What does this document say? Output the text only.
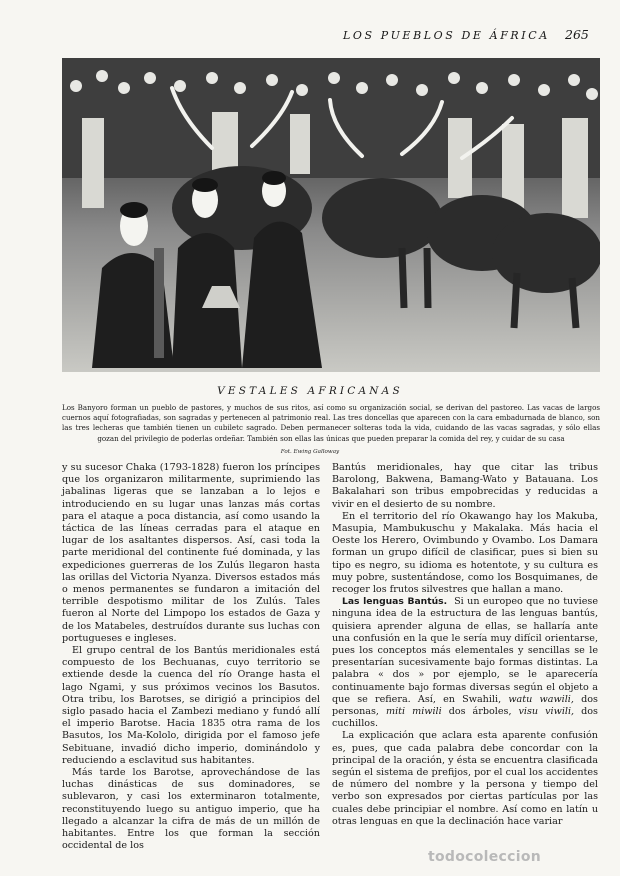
LOS PUEBLOS DE ÁFRICA 265
VESTALES AFRICANAS
Los Banyoro forman un pueblo de pastores, y muchos de sus ritos, así como su organización social, se derivan del pastoreo. Las vacas de largos cuernos aquí fotografiadas, son sagradas y pertenecen al patrimonio real. Las tres doncellas que aparecen con la cara embadurnada de blanco, son las tres lecheras que también tienen un cubiletc sagrado. Deben permanecer solteras toda la vida, cuidando de las vacas sagradas, y sólo ellas gozan del privilegio de poderlas ordeñar. También son ellas las únicas que pueden preparar la comida del rey, y cuidar de su casa
Fot. Ewing Galloway

y su sucesor Chaka (1793-1828) fueron los príncipes que los organizaron militarmente, suprimiendo las jabalinas ligeras que se lanzaban a lo lejos e introduciendo en su lugar unas lanzas más cortas para el ataque a poca distancia, así como usando la táctica de las líneas cerradas para el ataque en lugar de los asaltantes dispersos. Así, casi toda la parte meridional del continente fué dominada, y las expediciones guerreras de los Zulús llegaron hasta las orillas del Victoria Nyanza. Diversos estados más o menos permanentes se fundaron a imitación del terrible despotismo militar de los Zulús. Tales fueron al Norte del Limpopo los estados de Gaza y de los Matabeles, destruídos durante sus luchas con portugueses e ingleses.

El grupo central de los Bantús meridionales está compuesto de los Bechuanas, cuyo territorio se extiende desde la cuenca del río Orange hasta el lago Ngami, y sus próximos vecinos los Basutos. Otra tribu, los Barotses, se dirigió a principios del siglo pasado hacia el Zambezi mediano y fundó allí el imperio Barotse. Hacia 1835 otra rama de los Basutos, los Ma-Kololo, dirigida por el famoso jefe Sebituane, invadió dicho imperio, dominándolo y reduciendo a esclavitud sus habitantes.

Más tarde los Barotse, aprovechándose de las luchas dinásticas de sus dominadores, se sublevaron, y casi los exterminaron totalmente, reconstituyendo luego su antiguo imperio, que ha llegado a alcanzar la cifra de más de un millón de habitantes. Entre los que forman la sección occidental de los

Bantús meridionales, hay que citar las tribus Barolong, Bakwena, Bamang-Wato y Batauana. Los Bakalahari son tribus empobrecidas y reducidas a vivir en el desierto de su nombre.

En el territorio del río Okawango hay los Makuba, Masupia, Mambukuschu y Makalaka. Más hacia el Oeste los Herero, Ovimbundo y Ovambo. Los Damara forman un grupo difícil de clasificar, pues si bien su tipo es negro, su idioma es hotentote, y su cultura es muy pobre, sustentándose, como los Bosquimanes, de recoger los frutos silvestres que hallan a mano.

Las lenguas Bantús. Si un europeo que no tuviese ninguna idea de la estructura de las lenguas bantús, quisiera aprender alguna de ellas, se hallaría ante una confusión en la que le sería muy difícil orientarse, pues los conceptos más elementales y sencillas se le presentarían sucesivamente bajo formas distintas. La palabra « dos » por ejemplo, se le aparecería continuamente bajo formas diversas según el objeto a que se refiera. Así, en Swahili, watu wawili, dos personas, miti miwili dos árboles, visu viwili, dos cuchillos.

La explicación que aclara esta aparente confusión es, pues, que cada palabra debe concordar con la principal de la oración, y ésta se encuentra clasificada según el sistema de prefijos, por el cual los accidentes de número del nombre y la persona y tiempo del verbo son expresados por ciertas partículas por las cuales debe principiar el nombre. Así como en latín u otras lenguas en que la declinación hace variar

todocoleccion
